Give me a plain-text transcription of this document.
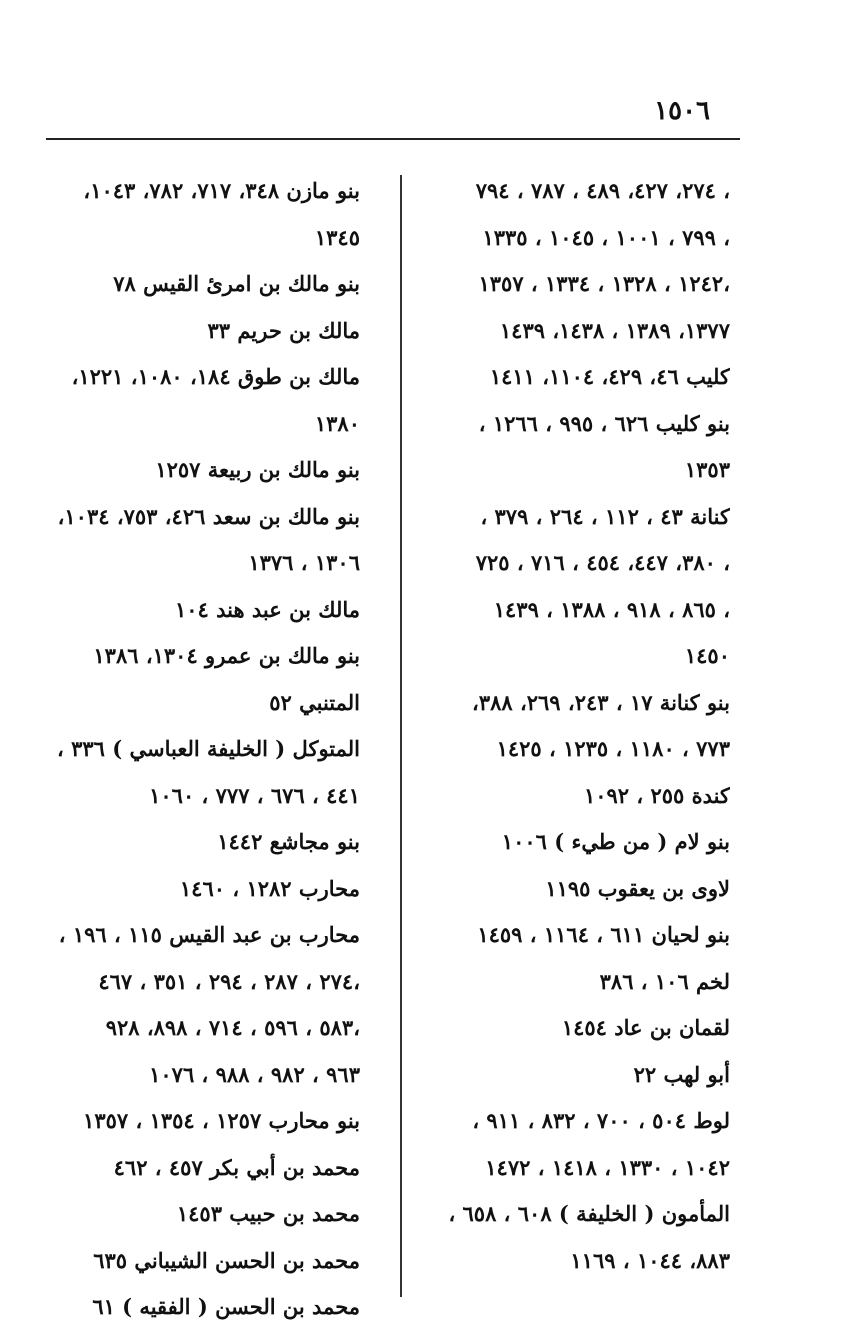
١٥٠٦
٢٧٤، ٤٢٧، ٤٨٩ ، ٧٨٧ ، ٧٩٤ ،
٧٩٩ ، ١٠٠١ ، ١٠٤٥ ، ١٣٣٥ ،
١٢٤٢ ، ١٣٢٨ ، ١٣٣٤ ، ١٣٥٧،
١٣٧٧، ١٣٨٩ ، ١٤٣٨، ١٤٣٩
كليب ٤٦، ٤٢٩، ١١٠٤، ١٤١١
بنو كليب ٦٢٦ ، ٩٩٥ ، ١٢٦٦ ،
١٣٥٣
كنانة ٤٣ ، ١١٢ ، ٢٦٤ ، ٣٧٩ ،
٣٨٠، ٤٤٧، ٤٥٤ ، ٧١٦ ، ٧٢٥ ،
٨٦٥ ، ٩١٨ ، ١٣٨٨ ، ١٤٣٩ ،
١٤٥٠
بنو كنانة ١٧ ، ٢٤٣، ٢٦٩، ٣٨٨،
٧٧٣ ، ١١٨٠ ، ١٢٣٥ ، ١٤٢٥
كندة ٢٥٥ ، ١٠٩٢
بنو لام ( من طيء ) ١٠٠٦
لاوى بن يعقوب ١١٩٥
بنو لحيان ٦١١ ، ١١٦٤ ، ١٤٥٩
لخم ١٠٦ ، ٣٨٦
لقمان بن عاد ١٤٥٤
أبو لهب ٢٢
لوط ٥٠٤ ، ٧٠٠ ، ٨٣٢ ، ٩١١ ،
١٠٤٢ ، ١٣٣٠ ، ١٤١٨ ، ١٤٧٢
المأمون ( الخليفة ) ٦٠٨ ، ٦٥٨ ،
٨٨٣، ١٠٤٤ ، ١١٦٩
بنو مازن ٣٤٨، ٧١٧، ٧٨٢، ١٠٤٣،
١٣٤٥
بنو مالك بن امرئ القيس ٧٨
مالك بن حريم ٣٣
مالك بن طوق ١٨٤، ١٠٨٠، ١٢٢١،
١٣٨٠
بنو مالك بن ربيعة ١٢٥٧
بنو مالك بن سعد ٤٢٦، ٧٥٣، ١٠٣٤،
١٣٠٦ ، ١٣٧٦
مالك بن عبد هند ١٠٤
بنو مالك بن عمرو ١٣٠٤، ١٣٨٦
المتنبي ٥٢
المتوكل ( الخليفة العباسي ) ٣٣٦ ،
٤٤١ ، ٦٧٦ ، ٧٧٧ ، ١٠٦٠
بنو مجاشع ١٤٤٢
محارب ١٢٨٢ ، ١٤٦٠
محارب بن عبد القيس ١١٥ ، ١٩٦ ،
٢٧٤ ، ٢٨٧ ، ٢٩٤ ، ٣٥١ ، ٤٦٧،
٥٨٣ ، ٥٩٦ ، ٧١٤ ، ٨٩٨، ٩٢٨،
٩٦٣ ، ٩٨٢ ، ٩٨٨ ، ١٠٧٦
بنو محارب ١٢٥٧ ، ١٣٥٤ ، ١٣٥٧
محمد بن أبي بكر ٤٥٧ ، ٤٦٢
محمد بن حبيب ١٤٥٣
محمد بن الحسن الشيباني ٦٣٥
محمد بن الحسن ( الفقيه ) ٦١
